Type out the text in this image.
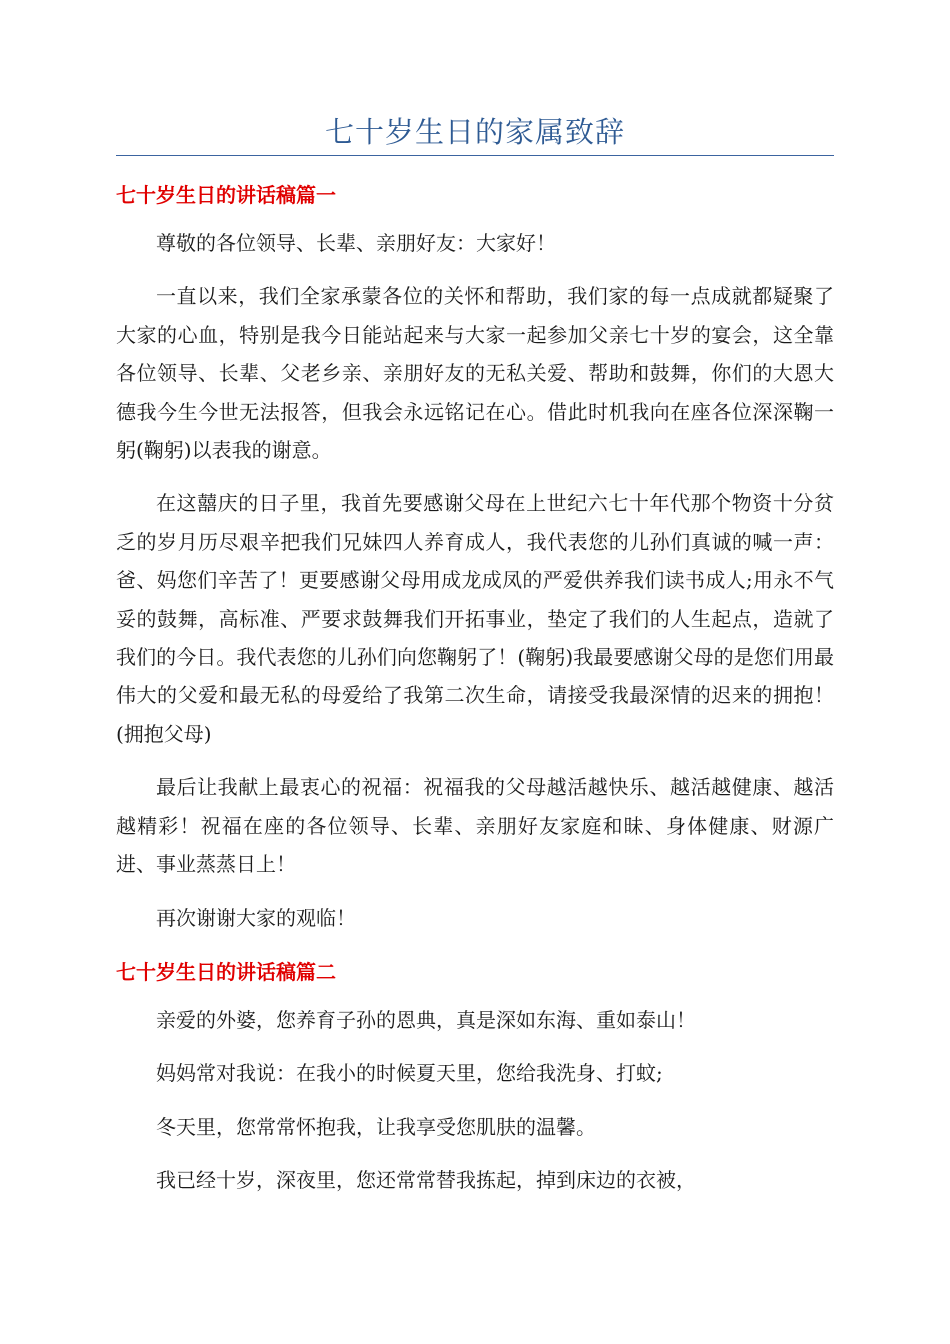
七十岁生日的家属致辞
七十岁生日的讲话稿篇一

尊敬的各位领导、长辈、亲朋好友：大家好！

一直以来，我们全家承蒙各位的关怀和帮助，我们家的每一点成就都疑聚了大家的心血，特别是我今日能站起来与大家一起参加父亲七十岁的宴会，这全靠各位领导、长辈、父老乡亲、亲朋好友的无私关爱、帮助和鼓舞，你们的大恩大德我今生今世无法报答，但我会永远铭记在心。借此时机我向在座各位深深鞠一躬(鞠躬)以表我的谢意。

在这囍庆的日子里，我首先要感谢父母在上世纪六七十年代那个物资十分贫乏的岁月历尽艰辛把我们兄妹四人养育成人，我代表您的儿孙们真诚的喊一声：爸、妈您们辛苦了！更要感谢父母用成龙成凤的严爱供养我们读书成人;用永不气妥的鼓舞，高标准、严要求鼓舞我们开拓事业，垫定了我们的人生起点，造就了我们的今日。我代表您的儿孙们向您鞠躬了！(鞠躬)我最要感谢父母的是您们用最伟大的父爱和最无私的母爱给了我第二次生命，请接受我最深情的迟来的拥抱！(拥抱父母)

最后让我献上最衷心的祝福：祝福我的父母越活越快乐、越活越健康、越活越精彩！祝福在座的各位领导、长辈、亲朋好友家庭和昧、身体健康、财源广进、事业蒸蒸日上！

再次谢谢大家的观临！

七十岁生日的讲话稿篇二

亲爱的外婆，您养育子孙的恩典，真是深如东海、重如泰山！

妈妈常对我说：在我小的时候夏天里，您给我洗身、打蚊;

冬天里，您常常怀抱我，让我享受您肌肤的温馨。

我已经十岁，深夜里，您还常常替我拣起，掉到床边的衣被，
